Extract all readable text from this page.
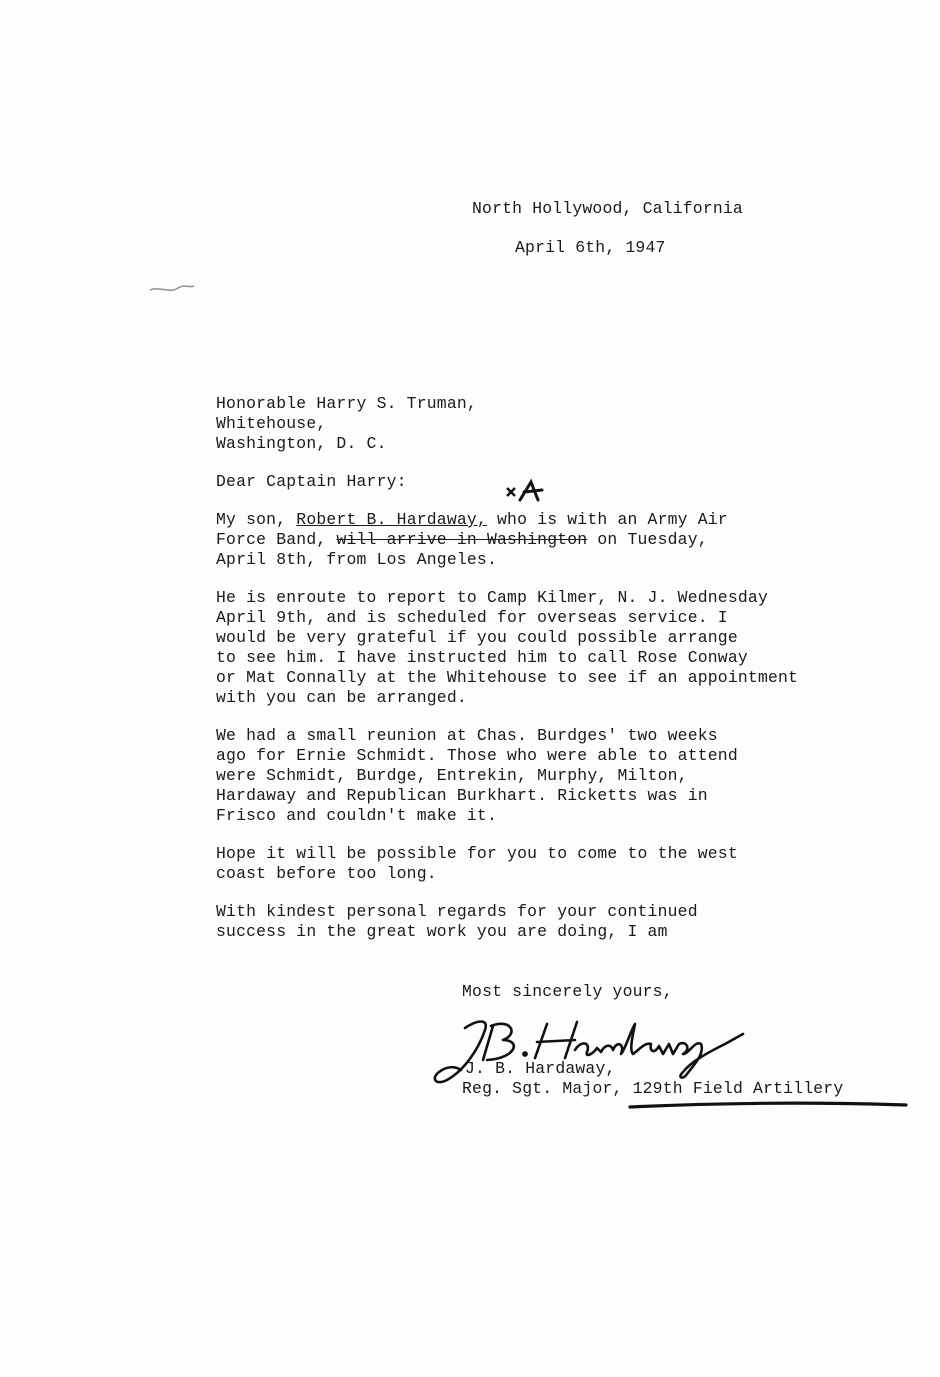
North Hollywood, California
April 6th, 1947
Honorable Harry S. Truman,
Whitehouse,
Washington, D. C.
Dear Captain Harry:
My son, Robert B. Hardaway, who is with an Army Air
Force Band, will arrive in Washington on Tuesday,
April 8th, from Los Angeles.
He is enroute to report to Camp Kilmer, N. J. Wednesday
April 9th, and is scheduled for overseas service. I
would be very grateful if you could possible arrange
to see him. I have instructed him to call Rose Conway
or Mat Connally at the Whitehouse to see if an appointment
with you can be arranged.
We had a small reunion at Chas. Burdges' two weeks
ago for Ernie Schmidt. Those who were able to attend
were Schmidt, Burdge, Entrekin, Murphy, Milton,
Hardaway and Republican Burkhart. Ricketts was in
Frisco and couldn't make it.
Hope it will be possible for you to come to the west
coast before too long.
With kindest personal regards for your continued
success in the great work you are doing, I am
Most sincerely yours,
J. B. Hardaway,
Reg. Sgt. Major, 129th Field Artillery
